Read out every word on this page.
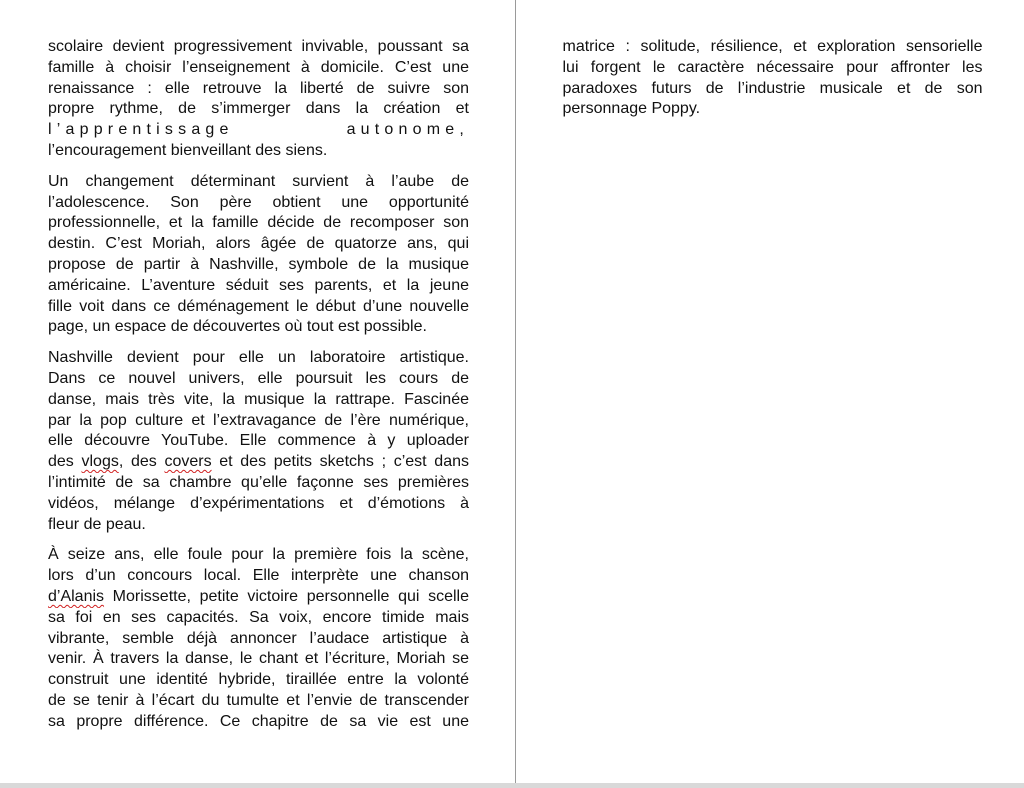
scolaire devient progressivement invivable, poussant sa
famille à choisir l’enseignement à domicile. C’est une
renaissance : elle retrouve la liberté de suivre son
propre rythme, de s’immerger dans la création et
l’apprentissage autonome,
l’encouragement bienveillant des siens.
Un changement déterminant survient à l’aube de
l’adolescence. Son père obtient une opportunité
professionnelle, et la famille décide de recomposer son
destin. C’est Moriah, alors âgée de quatorze ans, qui
propose de partir à Nashville, symbole de la musique
américaine. L’aventure séduit ses parents, et la jeune
fille voit dans ce déménagement le début d’une nouvelle
page, un espace de découvertes où tout est possible.
Nashville devient pour elle un laboratoire artistique.
Dans ce nouvel univers, elle poursuit les cours de
danse, mais très vite, la musique la rattrape. Fascinée
par la pop culture et l’extravagance de l’ère numérique,
elle découvre YouTube. Elle commence à y uploader
des vlogs, des covers et des petits sketchs ; c’est dans
l’intimité de sa chambre qu’elle façonne ses premières
vidéos, mélange d’expérimentations et d’émotions à
fleur de peau.
À seize ans, elle foule pour la première fois la scène,
lors d’un concours local. Elle interprète une chanson
d’Alanis Morissette, petite victoire personnelle qui scelle
sa foi en ses capacités. Sa voix, encore timide mais
vibrante, semble déjà annoncer l’audace artistique à
venir. À travers la danse, le chant et l’écriture, Moriah se
construit une identité hybride, tiraillée entre la volonté
de se tenir à l’écart du tumulte et l’envie de transcender
sa propre différence. Ce chapitre de sa vie est une
matrice : solitude, résilience, et exploration sensorielle
lui forgent le caractère nécessaire pour affronter les
paradoxes futurs de l’industrie musicale et de son
personnage Poppy.
